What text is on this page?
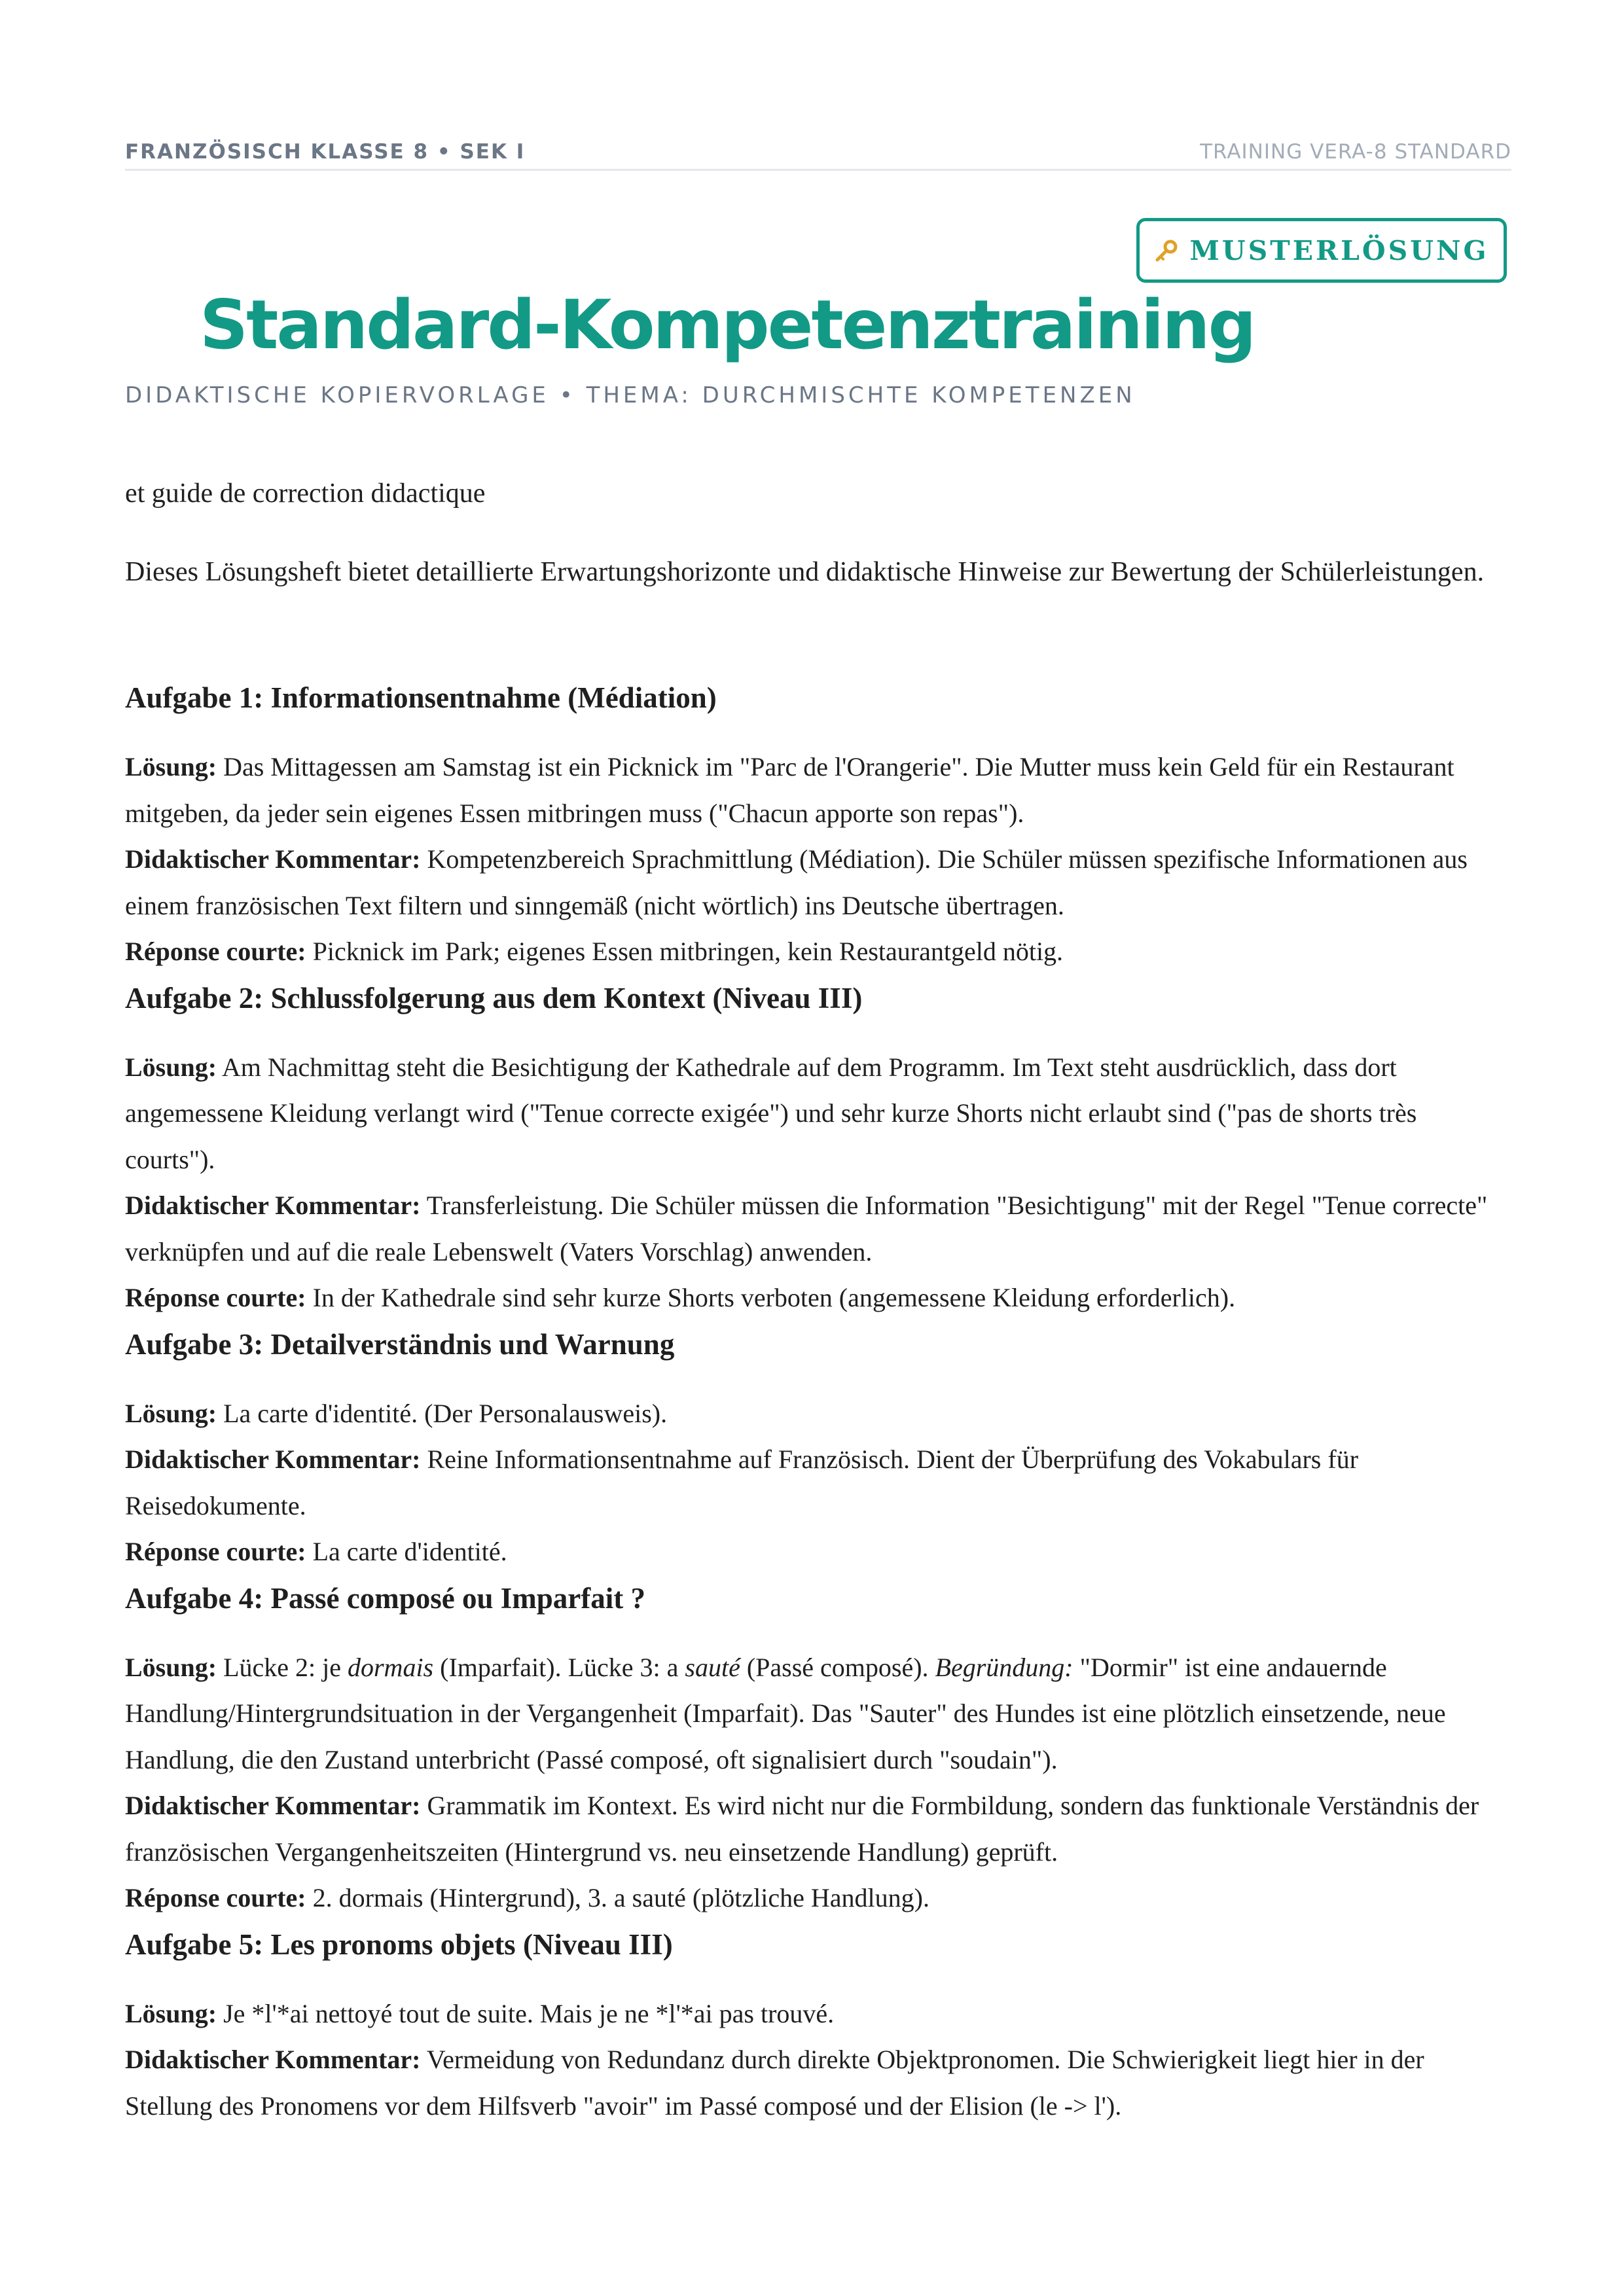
FRANZÖSISCH KLASSE 8 • SEK I	TRAINING VERA-8 STANDARD
MUSTERLÖSUNG
Standard-Kompetenztraining
DIDAKTISCHE KOPIERVORLAGE • THEMA: DURCHMISCHTE KOMPETENZEN
et guide de correction didactique
Dieses Lösungsheft bietet detaillierte Erwartungshorizonte und didaktische Hinweise zur Bewertung der Schülerleistungen.
Aufgabe 1: Informationsentnahme (Médiation)

Lösung: Das Mittagessen am Samstag ist ein Picknick im "Parc de l'Orangerie". Die Mutter muss kein Geld für ein Restaurant mitgeben, da jeder sein eigenes Essen mitbringen muss ("Chacun apporte son repas").

Didaktischer Kommentar: Kompetenzbereich Sprachmittlung (Médiation). Die Schüler müssen spezifische Informationen aus einem französischen Text filtern und sinngemäß (nicht wörtlich) ins Deutsche übertragen.

Réponse courte: Picknick im Park; eigenes Essen mitbringen, kein Restaurantgeld nötig.

Aufgabe 2: Schlussfolgerung aus dem Kontext (Niveau III)

Lösung: Am Nachmittag steht die Besichtigung der Kathedrale auf dem Programm. Im Text steht ausdrücklich, dass dort angemessene Kleidung verlangt wird ("Tenue correcte exigée") und sehr kurze Shorts nicht erlaubt sind ("pas de shorts très courts").

Didaktischer Kommentar: Transferleistung. Die Schüler müssen die Information "Besichtigung" mit der Regel "Tenue correcte" verknüpfen und auf die reale Lebenswelt (Vaters Vorschlag) anwenden.

Réponse courte: In der Kathedrale sind sehr kurze Shorts verboten (angemessene Kleidung erforderlich).

Aufgabe 3: Detailverständnis und Warnung

Lösung: La carte d'identité. (Der Personalausweis).

Didaktischer Kommentar: Reine Informationsentnahme auf Französisch. Dient der Überprüfung des Vokabulars für Reisedokumente.

Réponse courte: La carte d'identité.

Aufgabe 4: Passé composé ou Imparfait ?

Lösung: Lücke 2: je dormais (Imparfait). Lücke 3: a sauté (Passé composé). Begründung: "Dormir" ist eine andauernde Handlung/Hintergrundsituation in der Vergangenheit (Imparfait). Das "Sauter" des Hundes ist eine plötzlich einsetzende, neue Handlung, die den Zustand unterbricht (Passé composé, oft signalisiert durch "soudain").

Didaktischer Kommentar: Grammatik im Kontext. Es wird nicht nur die Formbildung, sondern das funktionale Verständnis der französischen Vergangenheitszeiten (Hintergrund vs. neu einsetzende Handlung) geprüft.

Réponse courte: 2. dormais (Hintergrund), 3. a sauté (plötzliche Handlung).

Aufgabe 5: Les pronoms objets (Niveau III)

Lösung: Je *l'*ai nettoyé tout de suite. Mais je ne *l'*ai pas trouvé.

Didaktischer Kommentar: Vermeidung von Redundanz durch direkte Objektpronomen. Die Schwierigkeit liegt hier in der Stellung des Pronomens vor dem Hilfsverb "avoir" im Passé composé und der Elision (le -> l').
